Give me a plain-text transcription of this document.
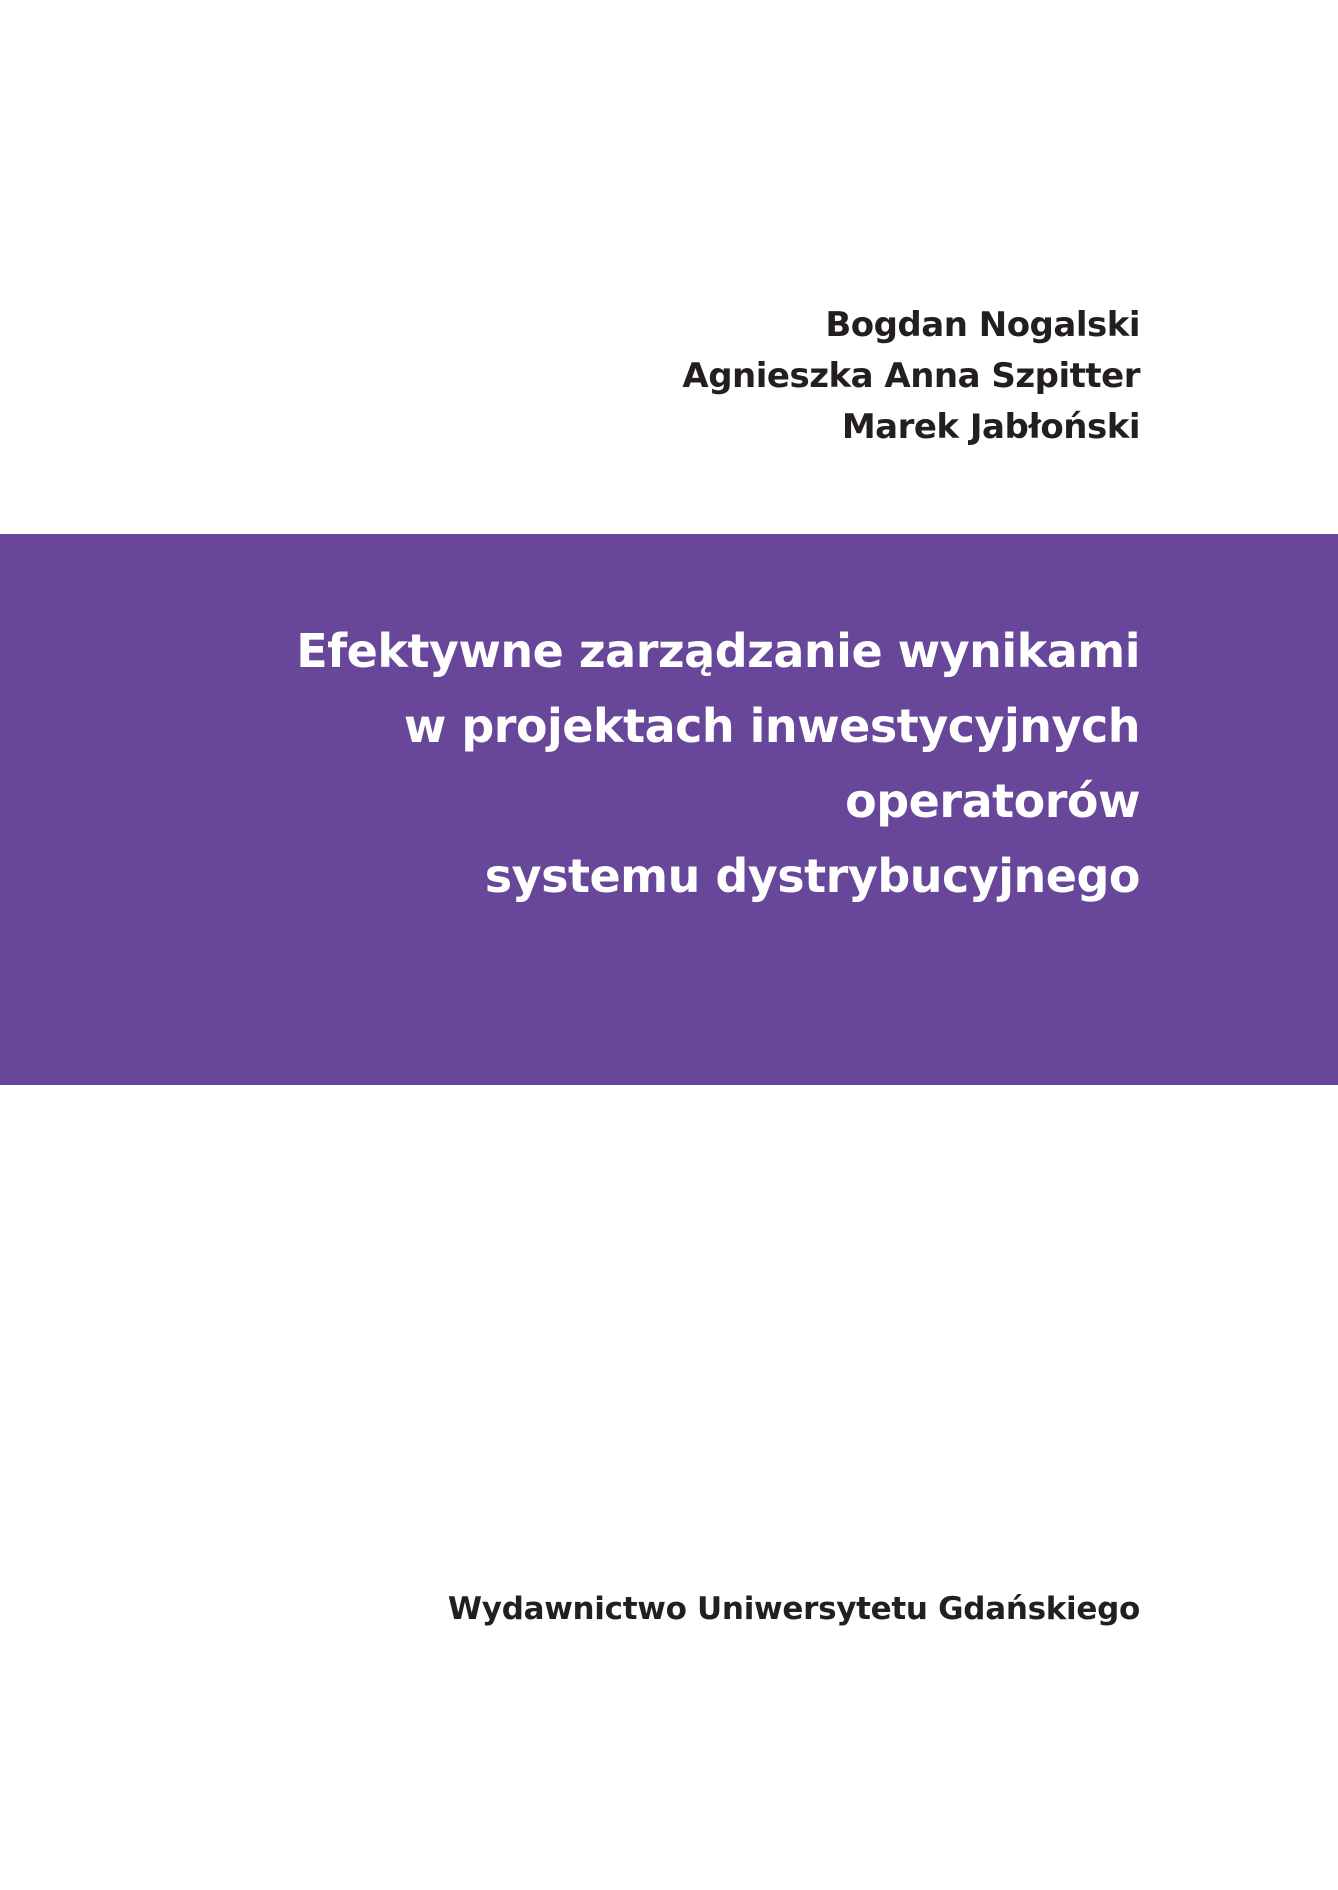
Bogdan Nogalski
Agnieszka Anna Szpitter
Marek Jabłoński
Efektywne zarządzanie wynikami
w projektach inwestycyjnych
operatorów
systemu dystrybucyjnego
Wydawnictwo Uniwersytetu Gdańskiego
